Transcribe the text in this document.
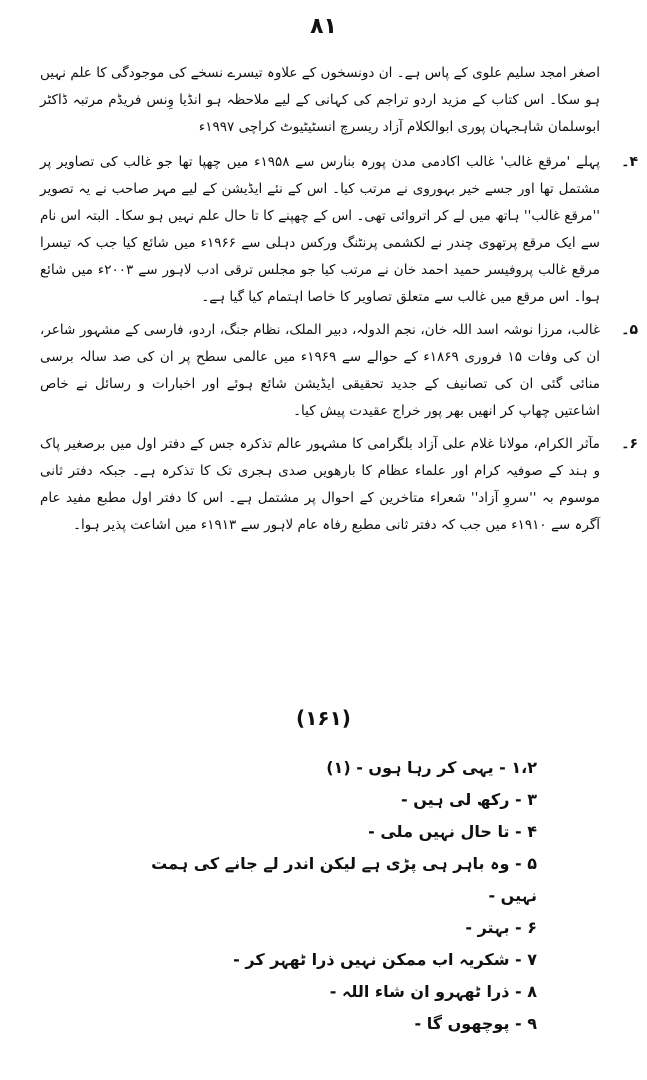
۸۱

اصغر امجد سلیم علوی کے پاس ہے۔ ان دونسخوں کے علاوہ تیسرے نسخے کی موجودگی کا علم نہیں ہو سکا۔ اس کتاب کے مزید اردو تراجم کی کہانی کے لیے ملاحظہ ہو انڈیا وِنس فریڈم مرتبہ ڈاکٹر ابوسلمان شاہجہان پوری ابوالکلام آزاد ریسرچ انسٹیٹیوٹ کراچی ۱۹۹۷ء

۴۔

پہلے 'مرقع غالب' غالب اکادمی مدن پورہ بنارس سے ۱۹۵۸ء میں چھپا تھا جو غالب کی تصاویر پر مشتمل تھا اور جسے خیر بہوروی نے مرتب کیا۔ اس کے نئے ایڈیشن کے لیے مہر صاحب نے یہ تصویر ''مرقع غالب'' ہاتھ میں لے کر اتروائی تھی۔ اس کے چھپنے کا تا حال علم نہیں ہو سکا۔ البتہ اس نام سے ایک مرقع پرتھوی چندر نے لکشمی پرنٹنگ ورکس دہلی سے ۱۹۶۶ء میں شائع کیا جب کہ تیسرا مرقع غالب پروفیسر حمید احمد خان نے مرتب کیا جو مجلس ترقی ادب لاہور سے ۲۰۰۳ء میں شائع ہوا۔ اس مرقع میں غالب سے متعلق تصاویر کا خاصا اہتمام کیا گیا ہے۔

۵۔

غالب، مرزا نوشہ اسد اللہ خان، نجم الدولہ، دبیر الملک، نظام جنگ، اردو، فارسی کے مشہور شاعر، ان کی وفات ۱۵ فروری ۱۸۶۹ء کے حوالے سے ۱۹۶۹ء میں عالمی سطح پر ان کی صد سالہ برسی منائی گئی ان کی تصانیف کے جدید تحقیقی ایڈیشن شائع ہوئے اور اخبارات و رسائل نے خاص اشاعتیں چھاپ کر انھیں بھر پور خراج عقیدت پیش کیا۔

۶۔

مآثر الکرام، مولانا غلام علی آزاد بلگرامی کا مشہور عالم تذکرہ جس کے دفتر اول میں برصغیر پاک و ہند کے صوفیہ کرام اور علماء عظام کا بارھویں صدی ہجری تک کا تذکرہ ہے۔ جبکہ دفتر ثانی موسوم بہ ''سروِ آزاد'' شعراء متاخرین کے احوال پر مشتمل ہے۔ اس کا دفتر اول مطبع مفید عام آگرہ سے ۱۹۱۰ء میں جب کہ دفتر ثانی مطبع رفاہ عام لاہور سے ۱۹۱۳ء میں اشاعت پذیر ہوا۔

(۱۶۱)
۱،۲ - یہی کر رہا ہوں - (۱)
۳ - رکھ لی ہیں -
۴ - تا حال نہیں ملی -
۵ - وہ باہر ہی پڑی ہے لیکن اندر لے جانے کی ہمت نہیں -
۶ - بہتر -
۷ - شکریہ اب ممکن نہیں ذرا ٹھہر کر -
۸ - ذرا ٹھہرو ان شاء اللہ -
۹ - پوچھوں گا -
